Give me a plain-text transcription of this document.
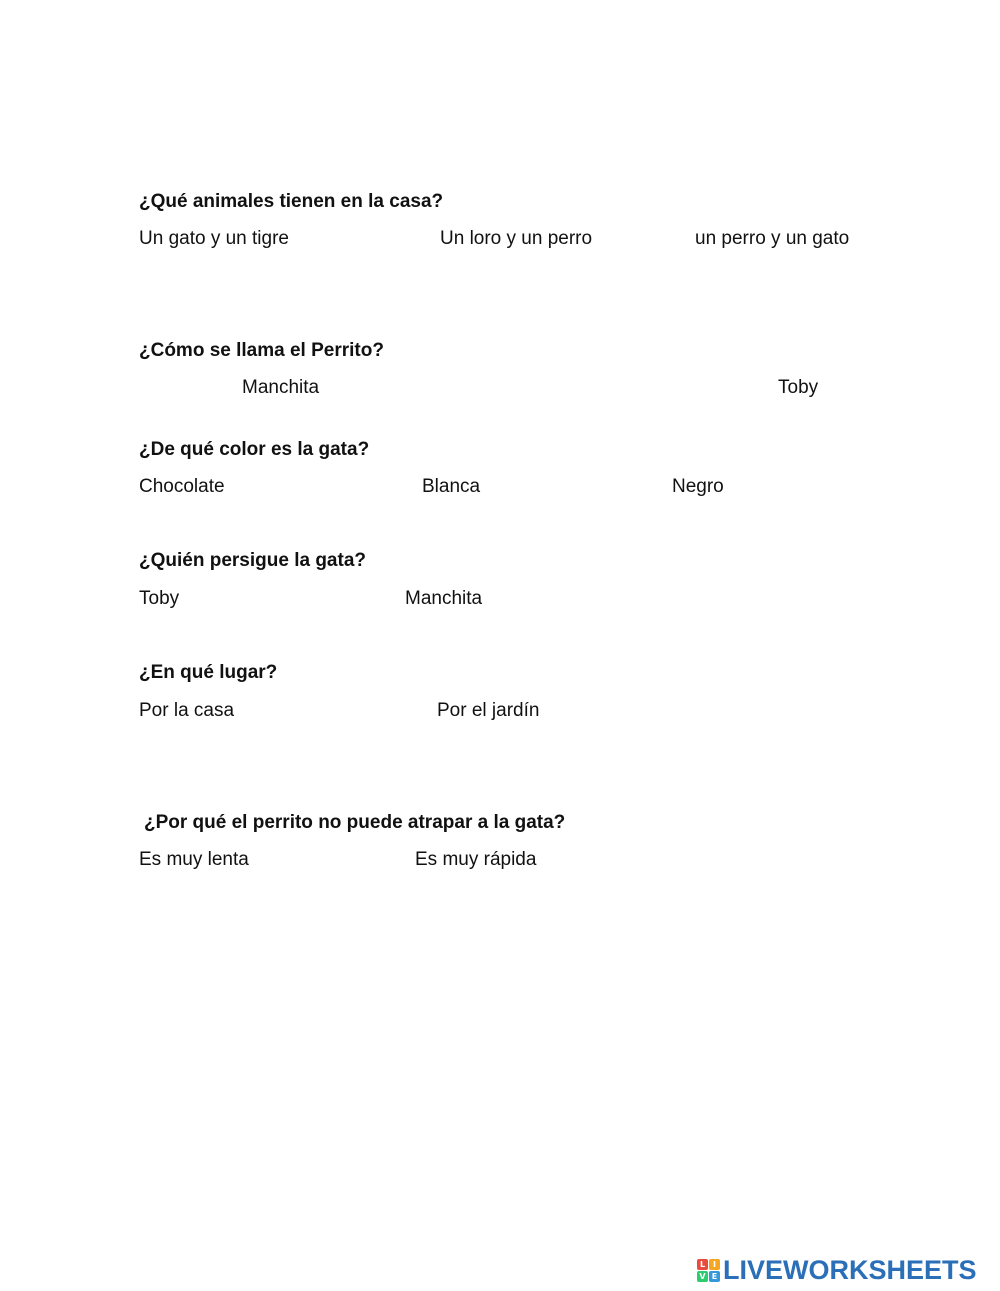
¿Qué animales tienen en la casa?
Un gato y un tigre	Un loro y un perro	un perro y un gato
¿Cómo se llama el Perrito?
Manchita	Toby
¿De qué color es la gata?
Chocolate	Blanca	Negro
¿Quién persigue la gata?
Toby	Manchita
¿En qué lugar?
Por la casa	Por el jardín
¿Por qué el perrito no puede atrapar a la gata?
Es muy lenta	Es muy rápida
L I
V E LIVEWORKSHEETS
